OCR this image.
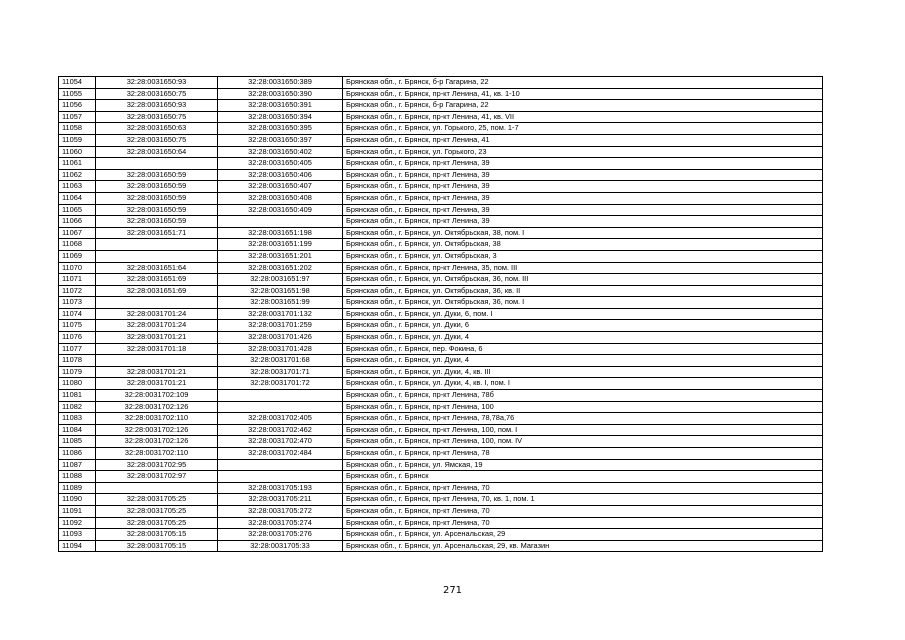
11054	32:28:0031650:93	32:28:0031650:389	Брянская обл., г. Брянск, б-р Гагарина, 22
11055	32:28:0031650:75	32:28:0031650:390	Брянская обл., г. Брянск, пр-кт Ленина, 41, кв. 1-10
11056	32:28:0031650:93	32:28:0031650:391	Брянская обл., г. Брянск, б-р Гагарина, 22
11057	32:28:0031650:75	32:28:0031650:394	Брянская обл., г. Брянск, пр-кт Ленина, 41, кв. VII
11058	32:28:0031650:63	32:28:0031650:395	Брянская обл., г. Брянск, ул. Горького, 25, пом. 1-7
11059	32:28:0031650:75	32:28:0031650:397	Брянская обл., г. Брянск, пр-кт Ленина, 41
11060	32:28:0031650:64	32:28:0031650:402	Брянская обл., г. Брянск, ул. Горького, 23
11061		32:28:0031650:405	Брянская обл., г. Брянск, пр-кт Ленина, 39
11062	32:28:0031650:59	32:28:0031650:406	Брянская обл., г. Брянск, пр-кт Ленина, 39
11063	32:28:0031650:59	32:28:0031650:407	Брянская обл., г. Брянск, пр-кт Ленина, 39
11064	32:28:0031650:59	32:28:0031650:408	Брянская обл., г. Брянск, пр-кт Ленина, 39
11065	32:28:0031650:59	32:28:0031650:409	Брянская обл., г. Брянск, пр-кт Ленина, 39
11066	32:28:0031650:59		Брянская обл., г. Брянск, пр-кт Ленина, 39
11067	32:28:0031651:71	32:28:0031651:198	Брянская обл., г. Брянск, ул. Октябрьская, 38, пом. I
11068		32:28:0031651:199	Брянская обл., г. Брянск, ул. Октябрьская, 38
11069		32:28:0031651:201	Брянская обл., г. Брянск, ул. Октябрьская, 3
11070	32:28:0031651:64	32:28:0031651:202	Брянская обл., г. Брянск, пр-кт Ленина, 35, пом. III
11071	32:28:0031651:69	32:28:0031651:97	Брянская обл., г. Брянск, ул. Октябрьская, 36, пом. III
11072	32:28:0031651:69	32:28:0031651:98	Брянская обл., г. Брянск, ул. Октябрьская, 36, кв. II
11073		32:28:0031651:99	Брянская обл., г. Брянск, ул. Октябрьская, 36, пом. I
11074	32:28:0031701:24	32:28:0031701:132	Брянская обл., г. Брянск, ул. Дуки, 6, пом. I
11075	32:28:0031701:24	32:28:0031701:259	Брянская обл., г. Брянск, ул. Дуки, 6
11076	32:28:0031701:21	32:28:0031701:426	Брянская обл., г. Брянск, ул. Дуки, 4
11077	32:28:0031701:18	32:28:0031701:428	Брянская обл., г. Брянск, пер. Фокина, 6
11078		32:28:0031701:68	Брянская обл., г. Брянск, ул. Дуки, 4
11079	32:28:0031701:21	32:28:0031701:71	Брянская обл., г. Брянск, ул. Дуки, 4, кв. III
11080	32:28:0031701:21	32:28:0031701:72	Брянская обл., г. Брянск, ул. Дуки, 4, кв. I, пом. I
11081	32:28:0031702:109		Брянская обл., г. Брянск, пр-кт Ленина, 78б
11082	32:28:0031702:126		Брянская обл., г. Брянск, пр-кт Ленина, 100
11083	32:28:0031702:110	32:28:0031702:405	Брянская обл., г. Брянск, пр-кт Ленина, 78,78а,76
11084	32:28:0031702:126	32:28:0031702:462	Брянская обл., г. Брянск, пр-кт Ленина, 100, пом. I
11085	32:28:0031702:126	32:28:0031702:470	Брянская обл., г. Брянск, пр-кт Ленина, 100, пом. IV
11086	32:28:0031702:110	32:28:0031702:484	Брянская обл., г. Брянск, пр-кт Ленина, 78
11087	32:28:0031702:95		Брянская обл., г. Брянск, ул. Ямская, 19
11088	32:28:0031702:97		Брянская обл., г. Брянск
11089		32:28:0031705:193	Брянская обл., г. Брянск, пр-кт Ленина, 70
11090	32:28:0031705:25	32:28:0031705:211	Брянская обл., г. Брянск, пр-кт Ленина, 70, кв. 1, пом. 1
11091	32:28:0031705:25	32:28:0031705:272	Брянская обл., г. Брянск, пр-кт Ленина, 70
11092	32:28:0031705:25	32:28:0031705:274	Брянская обл., г. Брянск, пр-кт Ленина, 70
11093	32:28:0031705:15	32:28:0031705:276	Брянская обл., г. Брянск, ул. Арсенальская, 29
11094	32:28:0031705:15	32:28:0031705:33	Брянская обл., г. Брянск, ул. Арсенальская, 29, кв. Магазин
271
